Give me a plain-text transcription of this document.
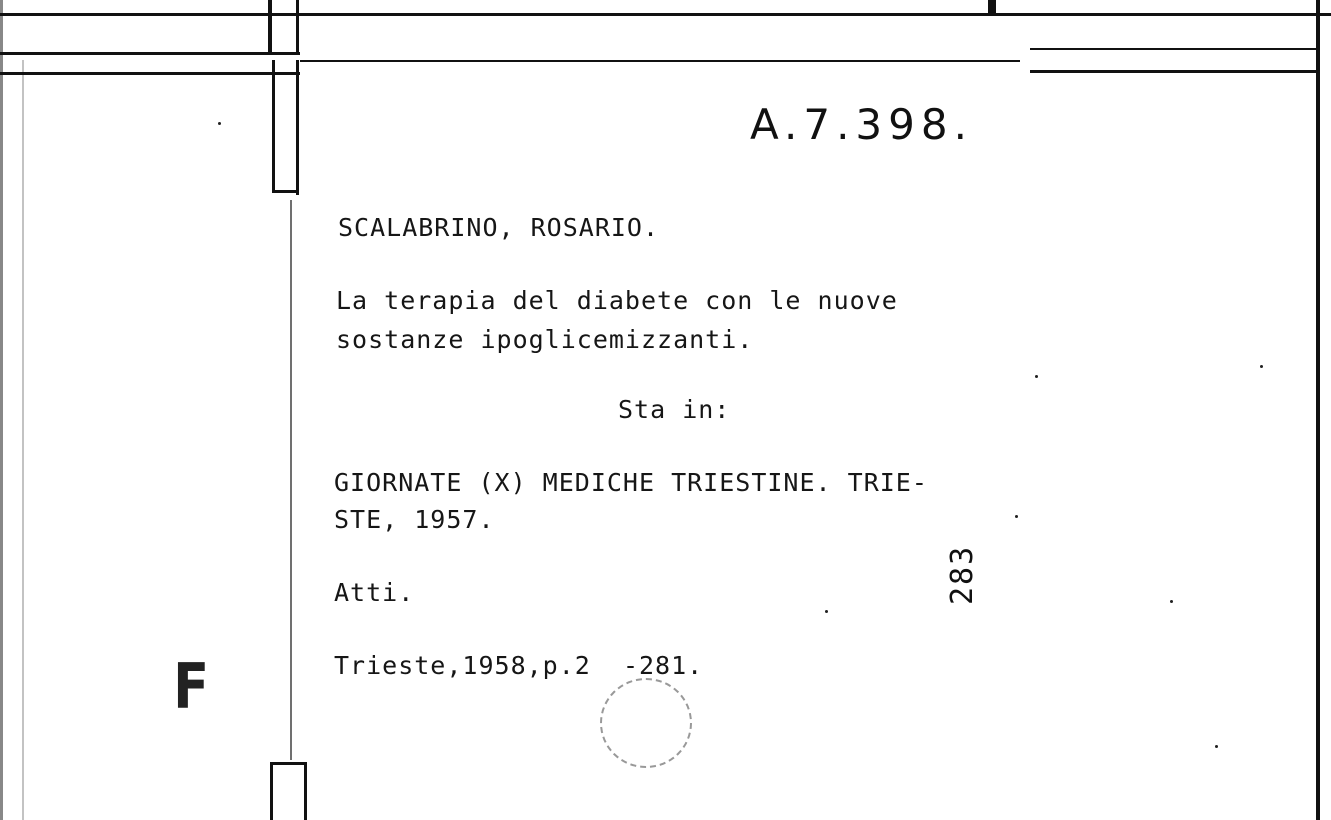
A.7.398.
SCALABRINO, ROSARIO.
La terapia del diabete con le nuove
sostanze ipoglicemizzanti.
Sta in:
GIORNATE (X) MEDICHE TRIESTINE. TRIE-
STE, 1957.
Atti.
Trieste,1958,p.2 -281.
283
F
